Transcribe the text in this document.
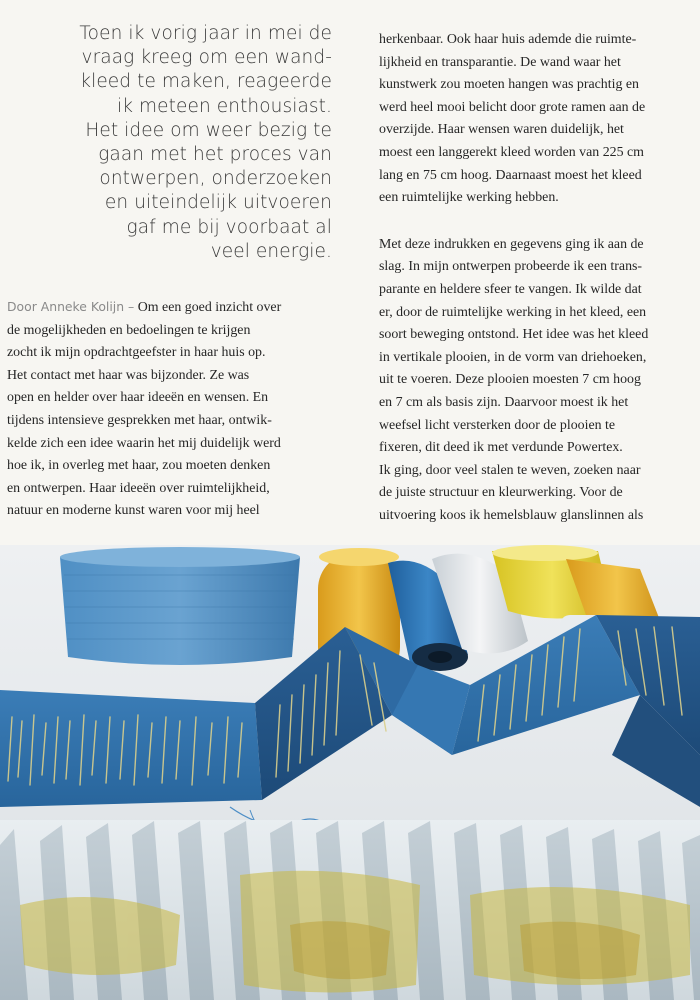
Toen ik vorig jaar in mei de
vraag kreeg om een wand-
kleed te maken, reageerde
ik meteen enthousiast.
Het idee om weer bezig te
gaan met het proces van
ontwerpen, onderzoeken
en uiteindelijk uitvoeren
gaf me bij voorbaat al
veel energie.

Door Anneke Kolijn – Om een goed inzicht over
de mogelijkheden en bedoelingen te krijgen
zocht ik mijn opdrachtgeefster in haar huis op.
Het contact met haar was bijzonder. Ze was
open en helder over haar ideeën en wensen. En
tijdens intensieve gesprekken met haar, ontwik-
kelde zich een idee waarin het mij duidelijk werd
hoe ik, in overleg met haar, zou moeten denken
en ontwerpen. Haar ideeën over ruimtelijkheid,
natuur en moderne kunst waren voor mij heel
herkenbaar. Ook haar huis ademde die ruimte-
lijkheid en transparantie. De wand waar het
kunstwerk zou moeten hangen was prachtig en
werd heel mooi belicht door grote ramen aan de
overzijde. Haar wensen waren duidelijk, het
moest een langgerekt kleed worden van 225 cm
lang en 75 cm hoog. Daarnaast moest het kleed
een ruimtelijke werking hebben.
Met deze indrukken en gegevens ging ik aan de
slag. In mijn ontwerpen probeerde ik een trans-
parante en heldere sfeer te vangen. Ik wilde dat
er, door de ruimtelijke werking in het kleed, een
soort beweging ontstond. Het idee was het kleed
in vertikale plooien, in de vorm van driehoeken,
uit te voeren. Deze plooien moesten 7 cm hoog
en 7 cm als basis zijn. Daarvoor moest ik het
weefsel licht versterken door de plooien te
fixeren, dit deed ik met verdunde Powertex.
Ik ging, door veel stalen te weven, zoeken naar
de juiste structuur en kleurwerking. Voor de
uitvoering koos ik hemelsblauw glanslinnen als
